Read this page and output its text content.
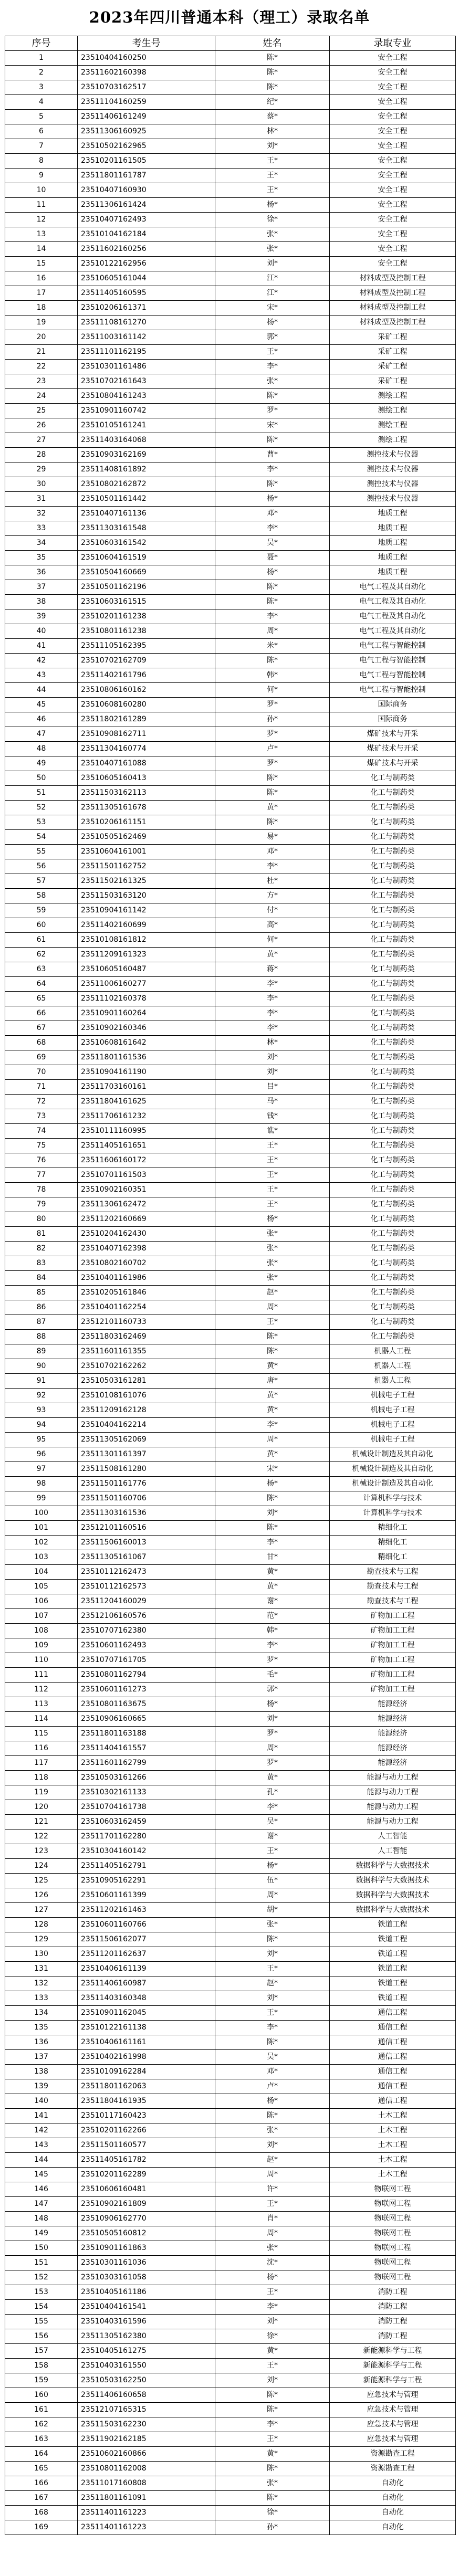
2023年四川普通本科（理工）录取名单
序号	考生号	姓名	录取专业
1	23510404160250	陈*	安全工程
2	23511602160398	陈*	安全工程
3	23510703162517	陈*	安全工程
4	23511104160259	纪*	安全工程
5	23511406161249	蔡*	安全工程
6	23511306160925	林*	安全工程
7	23510502162965	刘*	安全工程
8	23510201161505	王*	安全工程
9	23511801161787	王*	安全工程
10	23510407160930	王*	安全工程
11	23511306161424	杨*	安全工程
12	23510407162493	徐*	安全工程
13	23510104162184	张*	安全工程
14	23511602160256	张*	安全工程
15	23510122162956	刘*	安全工程
16	23510605161044	江*	材料成型及控制工程
17	23511405160595	江*	材料成型及控制工程
18	23510206161371	宋*	材料成型及控制工程
19	23511108161270	杨*	材料成型及控制工程
20	23511003161142	郭*	采矿工程
21	23511101162195	王*	采矿工程
22	23510301161486	李*	采矿工程
23	23510702161643	张*	采矿工程
24	23510804161243	陈*	测绘工程
25	23510901160742	罗*	测绘工程
26	23510105161241	宋*	测绘工程
27	23511403164068	陈*	测绘工程
28	23510903162169	曹*	测控技术与仪器
29	23511408161892	李*	测控技术与仪器
30	23510802162872	陈*	测控技术与仪器
31	23510501161442	杨*	测控技术与仪器
32	23510407161136	邓*	地质工程
33	23511303161548	李*	地质工程
34	23510603161542	吴*	地质工程
35	23510604161519	聂*	地质工程
36	23510504160669	杨*	地质工程
37	23510501162196	陈*	电气工程及其自动化
38	23510603161515	陈*	电气工程及其自动化
39	23510201161238	李*	电气工程及其自动化
40	23510801161238	周*	电气工程及其自动化
41	23511105162395	米*	电气工程与智能控制
42	23510702162709	陈*	电气工程与智能控制
43	23511402161796	韩*	电气工程与智能控制
44	23510806160162	何*	电气工程与智能控制
45	23510608160280	罗*	国际商务
46	23511802161289	孙*	国际商务
47	23510908162711	罗*	煤矿技术与开采
48	23511304160774	卢*	煤矿技术与开采
49	23510407161088	罗*	煤矿技术与开采
50	23510605160413	陈*	化工与制药类
51	23511503162113	陈*	化工与制药类
52	23511305161678	黄*	化工与制药类
53	23510206161151	陈*	化工与制药类
54	23510505162469	易*	化工与制药类
55	23510604161001	邓*	化工与制药类
56	23511501162752	李*	化工与制药类
57	23511502161325	杜*	化工与制药类
58	23511503163120	方*	化工与制药类
59	23510904161142	付*	化工与制药类
60	23511402160699	高*	化工与制药类
61	23510108161812	何*	化工与制药类
62	23511209161323	黄*	化工与制药类
63	23510605160487	蒋*	化工与制药类
64	23511006160277	李*	化工与制药类
65	23511102160378	李*	化工与制药类
66	23510901160264	李*	化工与制药类
67	23510902160346	李*	化工与制药类
68	23510608161642	林*	化工与制药类
69	23511801161536	刘*	化工与制药类
70	23510904161190	刘*	化工与制药类
71	23511703160161	吕*	化工与制药类
72	23511804161625	马*	化工与制药类
73	23511706161232	钱*	化工与制药类
74	23510111160995	谯*	化工与制药类
75	23511405161651	王*	化工与制药类
76	23511606160172	王*	化工与制药类
77	23510701161503	王*	化工与制药类
78	23510902160351	王*	化工与制药类
79	23511306162472	王*	化工与制药类
80	23511202160669	杨*	化工与制药类
81	23510204162430	张*	化工与制药类
82	23510407162398	张*	化工与制药类
83	23510802160702	张*	化工与制药类
84	23510401161986	张*	化工与制药类
85	23510205161846	赵*	化工与制药类
86	23510401162254	周*	化工与制药类
87	23512101160733	王*	化工与制药类
88	23511803162469	陈*	化工与制药类
89	23511601161355	陈*	机器人工程
90	23510702162262	黄*	机器人工程
91	23510503161281	唐*	机器人工程
92	23510108161076	黄*	机械电子工程
93	23511209162128	黄*	机械电子工程
94	23510404162214	李*	机械电子工程
95	23511305162069	周*	机械电子工程
96	23511301161397	黄*	机械设计制造及其自动化
97	23511508161280	宋*	机械设计制造及其自动化
98	23511501161776	杨*	机械设计制造及其自动化
99	23511501160706	陈*	计算机科学与技术
100	23511303161536	刘*	计算机科学与技术
101	23512101160516	陈*	精细化工
102	23511506160013	李*	精细化工
103	23511305161067	甘*	精细化工
104	23510112162473	黄*	勘查技术与工程
105	23510112162573	黄*	勘查技术与工程
106	23511204160029	谢*	勘查技术与工程
107	23512106160576	范*	矿物加工工程
108	23510707162380	韩*	矿物加工工程
109	23510601162493	李*	矿物加工工程
110	23510707161705	罗*	矿物加工工程
111	23510801162794	毛*	矿物加工工程
112	23510601161273	郭*	矿物加工工程
113	23510801163675	杨*	能源经济
114	23510906160665	刘*	能源经济
115	23511801163188	罗*	能源经济
116	23511404161557	周*	能源经济
117	23511601162799	罗*	能源经济
118	23510503161266	黄*	能源与动力工程
119	23510302161133	孔*	能源与动力工程
120	23510704161738	李*	能源与动力工程
121	23510603162459	吴*	能源与动力工程
122	23511701162280	谢*	人工智能
123	23510304160142	王*	人工智能
124	23511405162791	杨*	数据科学与大数据技术
125	23510905162291	伍*	数据科学与大数据技术
126	23510601161399	周*	数据科学与大数据技术
127	23511202161463	胡*	数据科学与大数据技术
128	23510601160766	张*	铁道工程
129	23511506162077	陈*	铁道工程
130	23511201162637	刘*	铁道工程
131	23510406161139	王*	铁道工程
132	23511406160987	赵*	铁道工程
133	23511403160348	刘*	铁道工程
134	23510901162045	王*	通信工程
135	23510122161138	李*	通信工程
136	23510406161161	陈*	通信工程
137	23510402161998	吴*	通信工程
138	23510109162284	邓*	通信工程
139	23511801162063	卢*	通信工程
140	23511804161935	杨*	通信工程
141	23510117160423	陈*	土木工程
142	23510201162266	张*	土木工程
143	23511501160577	刘*	土木工程
144	23511405161782	赵*	土木工程
145	23510201162289	周*	土木工程
146	23510606160481	许*	物联网工程
147	23510902161809	王*	物联网工程
148	23510906162770	肖*	物联网工程
149	23510505160812	周*	物联网工程
150	23510901161863	张*	物联网工程
151	23510301161036	沈*	物联网工程
152	23510303161058	杨*	物联网工程
153	23510405161186	王*	消防工程
154	23510404161541	李*	消防工程
155	23510403161596	刘*	消防工程
156	23511305162380	徐*	消防工程
157	23510405161275	黄*	新能源科学与工程
158	23510403161550	王*	新能源科学与工程
159	23510503162250	刘*	新能源科学与工程
160	23511406160658	陈*	应急技术与管理
161	23512107165315	陈*	应急技术与管理
162	23511503162230	李*	应急技术与管理
163	23511902162185	王*	应急技术与管理
164	23510602160866	黄*	资源勘查工程
165	23510801162008	陈*	资源勘查工程
166	23511017160808	张*	自动化
167	23511801161091	陈*	自动化
168	23511401161223	徐*	自动化
169	23511401161223	孙*	自动化
